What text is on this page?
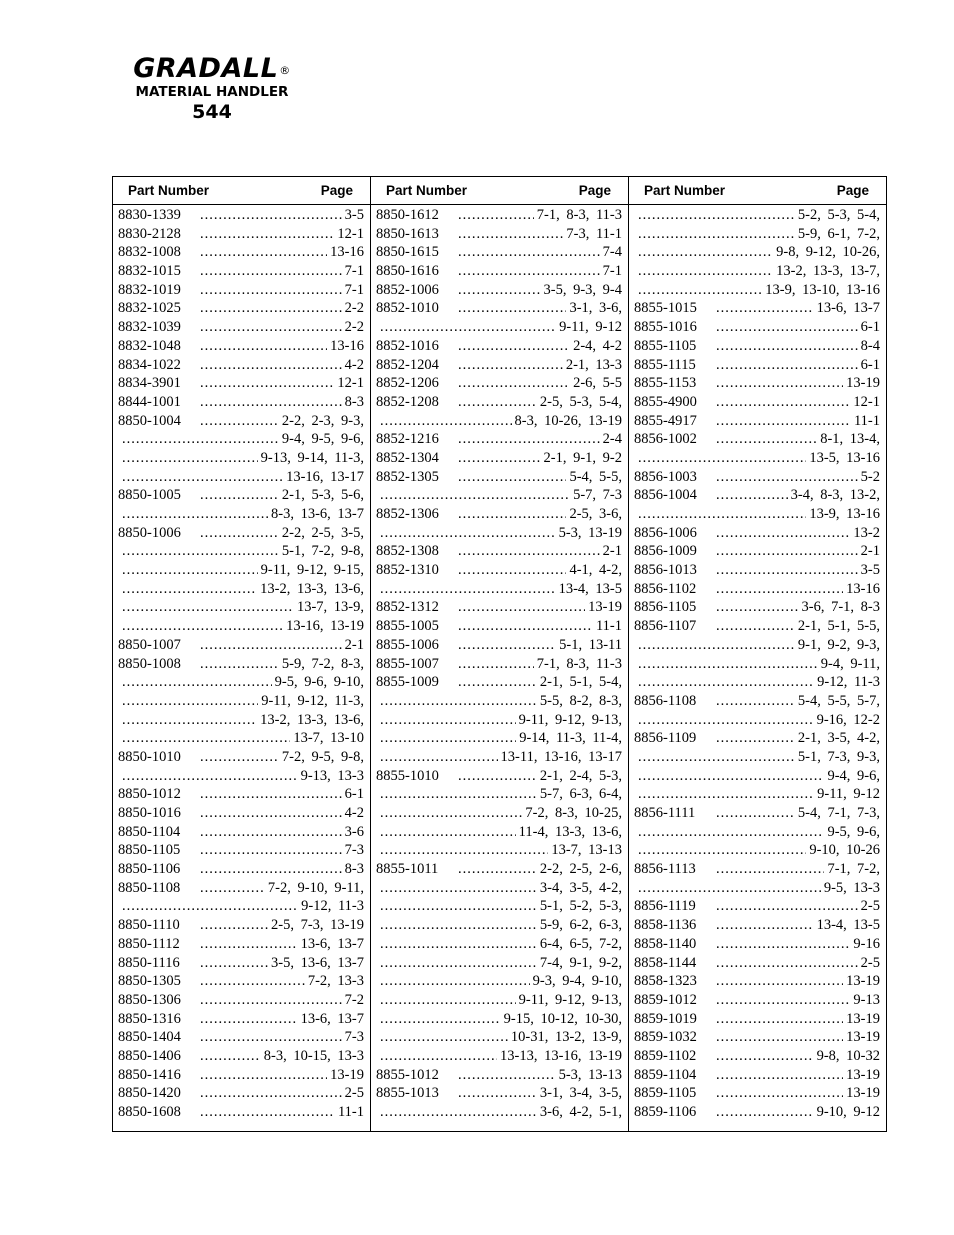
GRADALL®
MATERIAL HANDLER
544
Part Number	Page
8830-1339 .....	3-5
8830-2128 .....	12-1
8832-1008 .....	13-16
8832-1015 .....	7-1
8832-1019 .....	7-1
8832-1025 .....	2-2
8832-1039 .....	2-2
8832-1048 .....	13-16
8834-1022 .....	4-2
8834-3901 .....	12-1
8844-1001 .....	8-3
8850-1004 .....	2-2, 2-3, 9-3,
.....
9-4, 9-5, 9-6,
.....
9-13, 9-14, 11-3,
.....
13-16, 13-17
8850-1005 .....	2-1, 5-3, 5-6,
.....
8-3, 13-6, 13-7
8850-1006 .....	2-2, 2-5, 3-5,
.....
5-1, 7-2, 9-8,
.....
9-11, 9-12, 9-15,
.....
13-2, 13-3, 13-6,
.....
13-7, 13-9,
.....
13-16, 13-19
8850-1007 .....	2-1
8850-1008 .....	5-9, 7-2, 8-3,
.....
9-5, 9-6, 9-10,
.....
9-11, 9-12, 11-3,
.....
13-2, 13-3, 13-6,
.....
13-7, 13-10
8850-1010 .....	7-2, 9-5, 9-8,
.....
9-13, 13-3
8850-1012 .....	6-1
8850-1016 .....	4-2
8850-1104 .....	3-6
8850-1105 .....	7-3
8850-1106 .....	8-3
8850-1108 .....	7-2, 9-10, 9-11,
.....
9-12, 11-3
8850-1110 .....	2-5, 7-3, 13-19
8850-1112 .....	13-6, 13-7
8850-1116 .....	3-5, 13-6, 13-7
8850-1305 .....	7-2, 13-3
8850-1306 .....	7-2
8850-1316 .....	13-6, 13-7
8850-1404 .....	7-3
8850-1406 .....	8-3, 10-15, 13-3
8850-1416 .....	13-19
8850-1420 .....	2-5
8850-1608 .....	11-1
Part Number	Page
8850-1612 .....	7-1, 8-3, 11-3
8850-1613 .....	7-3, 11-1
8850-1615 .....	7-4
8850-1616 .....	7-1
8852-1006 .....	3-5, 9-3, 9-4
8852-1010 .....	3-1, 3-6,
.....
9-11, 9-12
8852-1016 .....	2-4, 4-2
8852-1204 .....	2-1, 13-3
8852-1206 .....	2-6, 5-5
8852-1208 .....	2-5, 5-3, 5-4,
.....
8-3, 10-26, 13-19
8852-1216 .....	2-4
8852-1304 .....	2-1, 9-1, 9-2
8852-1305 .....	5-4, 5-5,
.....
5-7, 7-3
8852-1306 .....	2-5, 3-6,
.....
5-3, 13-19
8852-1308 .....	2-1
8852-1310 .....	4-1, 4-2,
.....
13-4, 13-5
8852-1312 .....	13-19
8855-1005 .....	11-1
8855-1006 .....	5-1, 13-11
8855-1007 .....	7-1, 8-3, 11-3
8855-1009 .....	2-1, 5-1, 5-4,
.....
5-5, 8-2, 8-3,
.....
9-11, 9-12, 9-13,
.....
9-14, 11-3, 11-4,
.....
13-11, 13-16, 13-17
8855-1010 .....	2-1, 2-4, 5-3,
.....
5-7, 6-3, 6-4,
.....
7-2, 8-3, 10-25,
.....
11-4, 13-3, 13-6,
.....
13-7, 13-13
8855-1011 .....	2-2, 2-5, 2-6,
.....
3-4, 3-5, 4-2,
.....
5-1, 5-2, 5-3,
.....
5-9, 6-2, 6-3,
.....
6-4, 6-5, 7-2,
.....
7-4, 9-1, 9-2,
.....
9-3, 9-4, 9-10,
.....
9-11, 9-12, 9-13,
.....
9-15, 10-12, 10-30,
.....
10-31, 13-2, 13-9,
.....
13-13, 13-16, 13-19
8855-1012 .....	5-3, 13-13
8855-1013 .....	3-1, 3-4, 3-5,
.....
3-6, 4-2, 5-1,
Part Number	Page
.....
5-2, 5-3, 5-4,
.....
5-9, 6-1, 7-2,
.....
9-8, 9-12, 10-26,
.....
13-2, 13-3, 13-7,
.....
13-9, 13-10, 13-16
8855-1015 .....	13-6, 13-7
8855-1016 .....	6-1
8855-1105 .....	8-4
8855-1115 .....	6-1
8855-1153 .....	13-19
8855-4900 .....	12-1
8855-4917 .....	11-1
8856-1002 .....	8-1, 13-4,
.....
13-5, 13-16
8856-1003 .....	5-2
8856-1004 .....	3-4, 8-3, 13-2,
.....
13-9, 13-16
8856-1006 .....	13-2
8856-1009 .....	2-1
8856-1013 .....	3-5
8856-1102 .....	13-16
8856-1105 .....	3-6, 7-1, 8-3
8856-1107 .....	2-1, 5-1, 5-5,
.....
9-1, 9-2, 9-3,
.....
9-4, 9-11,
.....
9-12, 11-3
8856-1108 .....	5-4, 5-5, 5-7,
.....
9-16, 12-2
8856-1109 .....	2-1, 3-5, 4-2,
.....
5-1, 7-3, 9-3,
.....
9-4, 9-6,
.....
9-11, 9-12
8856-1111 .....	5-4, 7-1, 7-3,
.....
9-5, 9-6,
.....
9-10, 10-26
8856-1113 .....	7-1, 7-2,
.....
9-5, 13-3
8856-1119 .....	2-5
8858-1136 .....	13-4, 13-5
8858-1140 .....	9-16
8858-1144 .....	2-5
8858-1323 .....	13-19
8859-1012 .....	9-13
8859-1019 .....	13-19
8859-1032 .....	13-19
8859-1102 .....	9-8, 10-32
8859-1104 .....	13-19
8859-1105 .....	13-19
8859-1106 .....	9-10, 9-12
